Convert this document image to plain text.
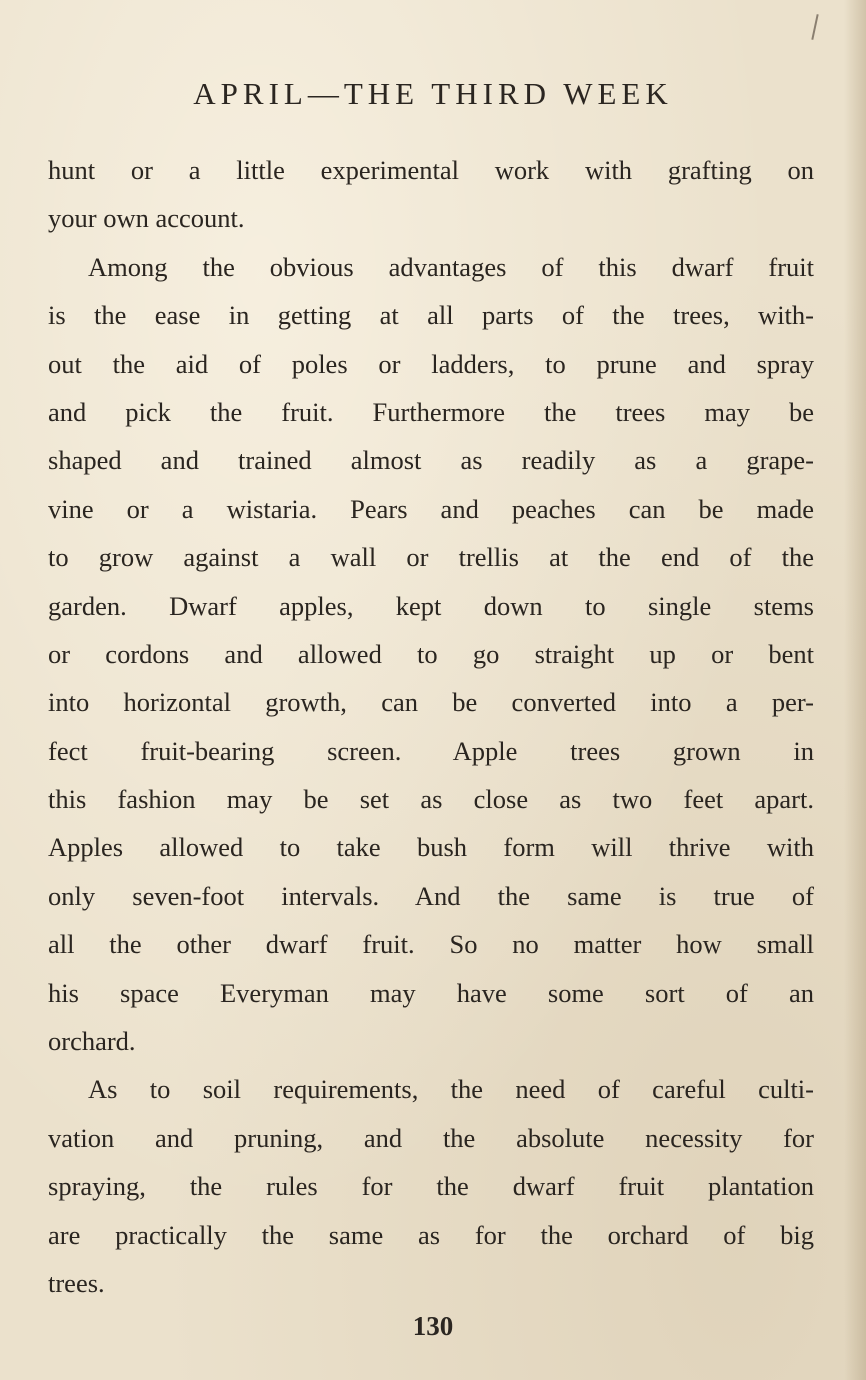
APRIL—THE THIRD WEEK
hunt or a little experimental work with grafting on
your own account.
Among the obvious advantages of this dwarf fruit
is the ease in getting at all parts of the trees, with-
out the aid of poles or ladders, to prune and spray
and pick the fruit. Furthermore the trees may be
shaped and trained almost as readily as a grape-
vine or a wistaria. Pears and peaches can be made
to grow against a wall or trellis at the end of the
garden. Dwarf apples, kept down to single stems
or cordons and allowed to go straight up or bent
into horizontal growth, can be converted into a per-
fect fruit-bearing screen. Apple trees grown in
this fashion may be set as close as two feet apart.
Apples allowed to take bush form will thrive with
only seven-foot intervals. And the same is true of
all the other dwarf fruit. So no matter how small
his space Everyman may have some sort of an
orchard.
As to soil requirements, the need of careful culti-
vation and pruning, and the absolute necessity for
spraying, the rules for the dwarf fruit plantation
are practically the same as for the orchard of big
trees.
130
